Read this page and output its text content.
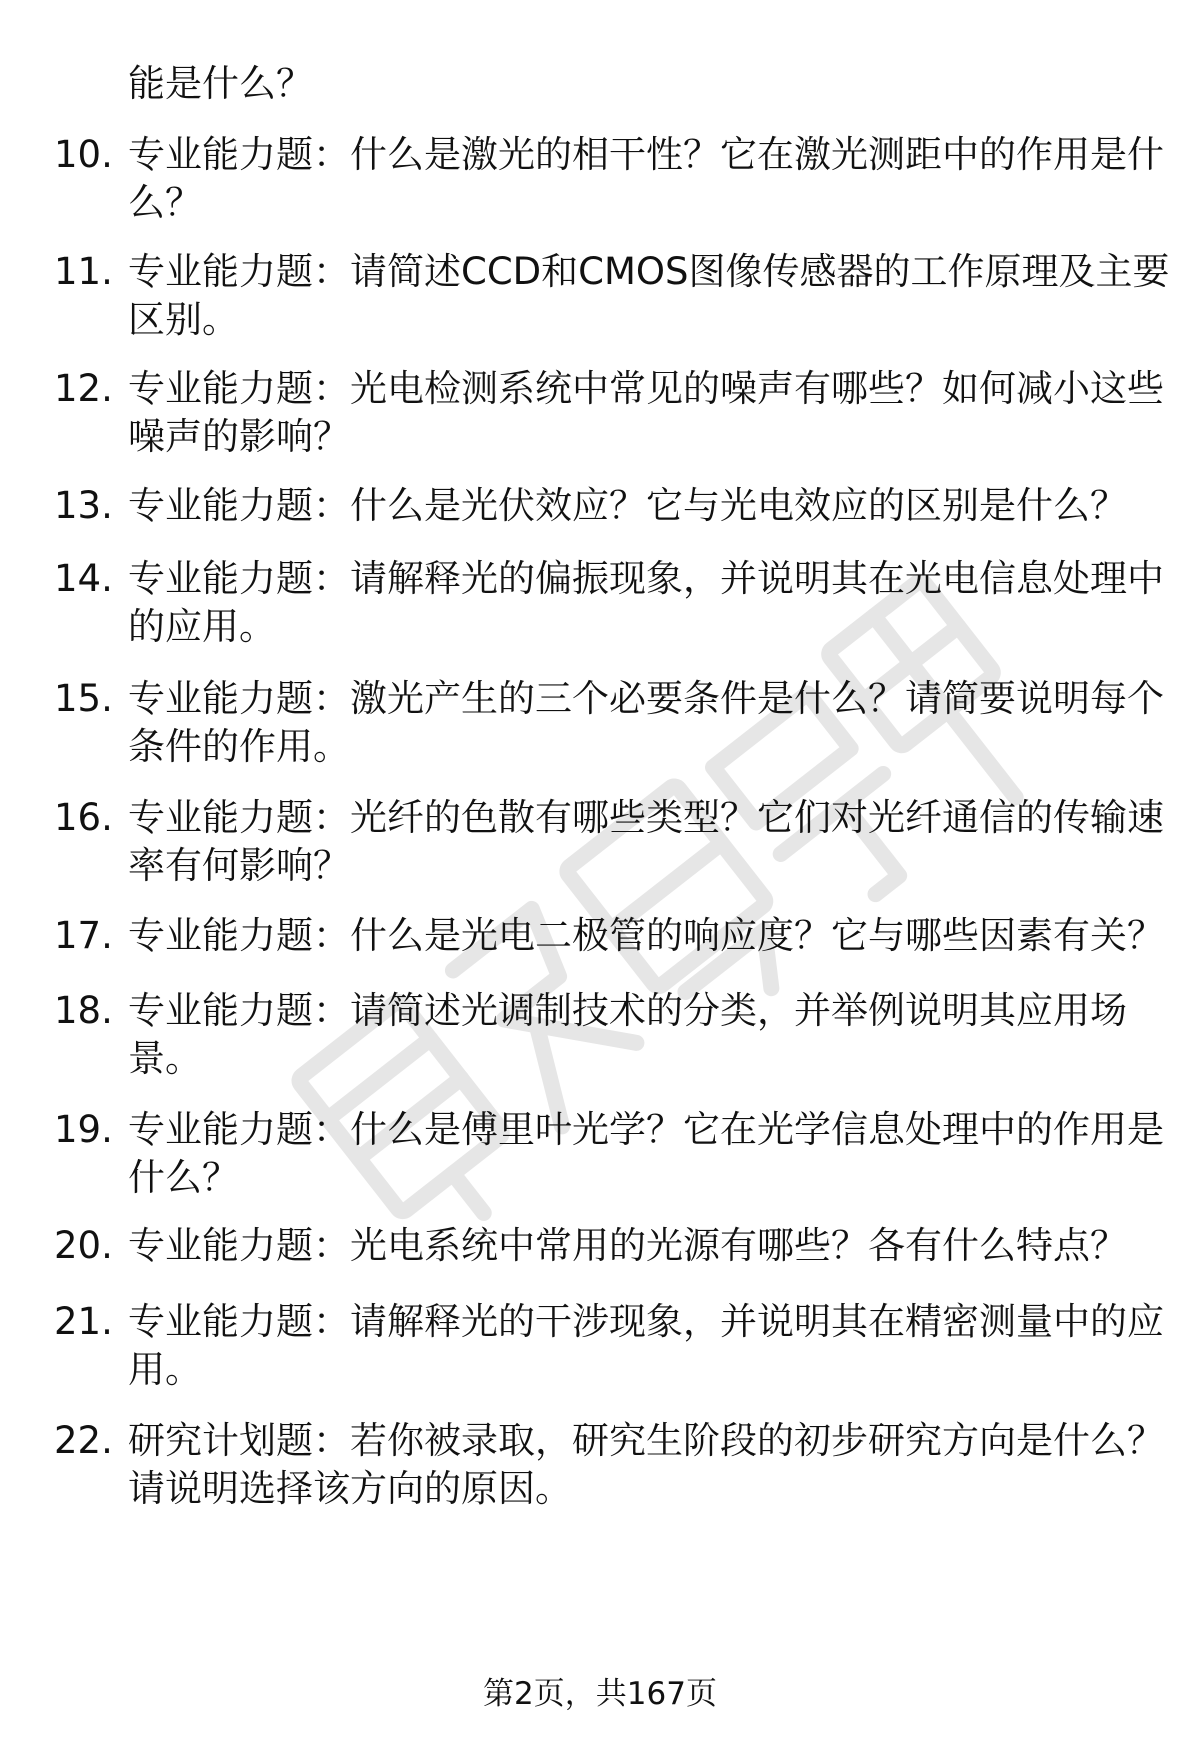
能是什么？
10. 专业能力题：什么是激光的相干性？它在激光测距中的作用是什
么？
11. 专业能力题：请简述CCD和CMOS图像传感器的工作原理及主要
区别。
12. 专业能力题：光电检测系统中常见的噪声有哪些？如何减小这些
噪声的影响？
13. 专业能力题：什么是光伏效应？它与光电效应的区别是什么？
14. 专业能力题：请解释光的偏振现象，并说明其在光电信息处理中
的应用。
15. 专业能力题：激光产生的三个必要条件是什么？请简要说明每个
条件的作用。
16. 专业能力题：光纤的色散有哪些类型？它们对光纤通信的传输速
率有何影响？
17. 专业能力题：什么是光电二极管的响应度？它与哪些因素有关？
18. 专业能力题：请简述光调制技术的分类，并举例说明其应用场
景。
19. 专业能力题：什么是傅里叶光学？它在光学信息处理中的作用是
什么？
20. 专业能力题：光电系统中常用的光源有哪些？各有什么特点？
21. 专业能力题：请解释光的干涉现象，并说明其在精密测量中的应
用。
22. 研究计划题：若你被录取，研究生阶段的初步研究方向是什么？
请说明选择该方向的原因。
第2页，共167页
